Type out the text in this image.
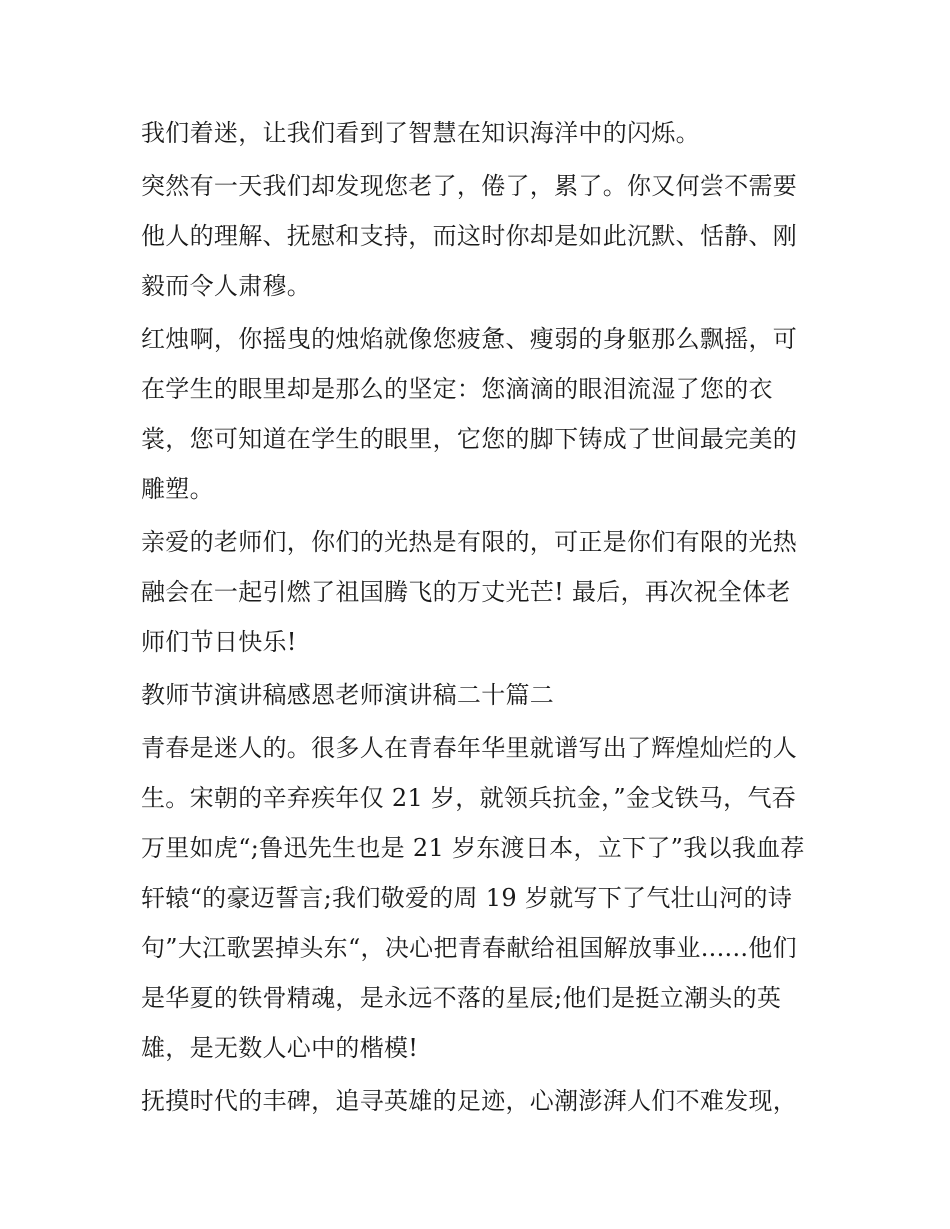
我们着迷，让我们看到了智慧在知识海洋中的闪烁。

突然有一天我们却发现您老了，倦了，累了。你又何尝不需要
他人的理解、抚慰和支持，而这时你却是如此沉默、恬静、刚
毅而令人肃穆。

红烛啊，你摇曳的烛焰就像您疲惫、瘦弱的身躯那么飘摇，可
在学生的眼里却是那么的坚定：您滴滴的眼泪流湿了您的衣
裳，您可知道在学生的眼里，它您的脚下铸成了世间最完美的
雕塑。

亲爱的老师们，你们的光热是有限的，可正是你们有限的光热
融会在一起引燃了祖国腾飞的万丈光芒! 最后，再次祝全体老
师们节日快乐!

教师节演讲稿感恩老师演讲稿二十篇二

青春是迷人的。很多人在青春年华里就谱写出了辉煌灿烂的人
生。宋朝的辛弃疾年仅 21 岁，就领兵抗金，”金戈铁马，气吞
万里如虎“;鲁迅先生也是 21 岁东渡日本，立下了”我以我血荐
轩辕“的豪迈誓言;我们敬爱的周 19 岁就写下了气壮山河的诗
句”大江歌罢掉头东“，决心把青春献给祖国解放事业......他们
是华夏的铁骨精魂，是永远不落的星辰;他们是挺立潮头的英
雄，是无数人心中的楷模!

抚摸时代的丰碑，追寻英雄的足迹，心潮澎湃人们不难发现，
